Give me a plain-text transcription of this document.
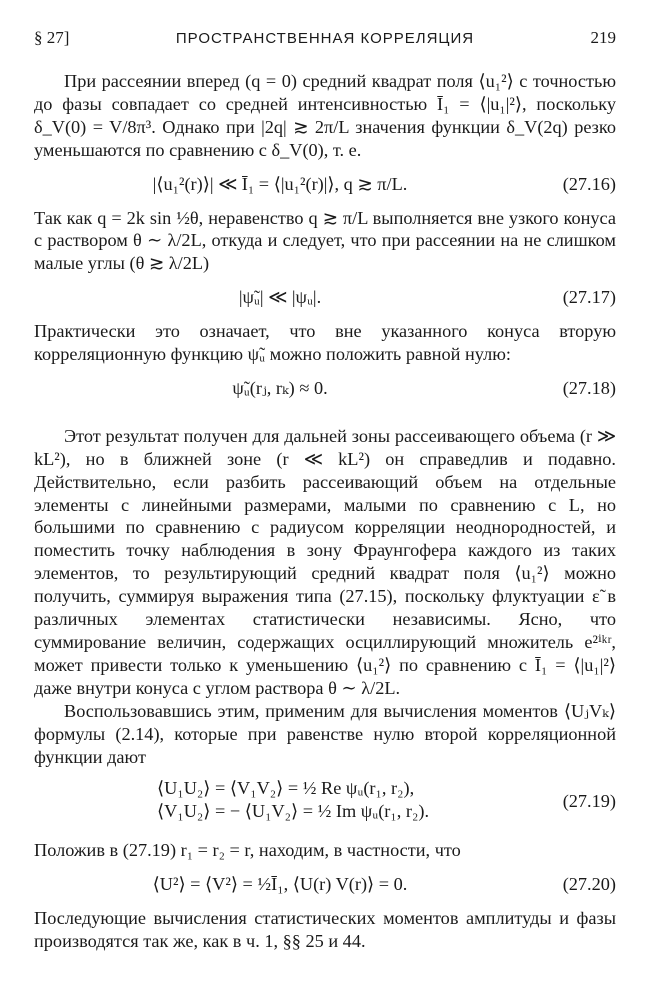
§ 27]	ПРОСТРАНСТВЕННАЯ КОРРЕЛЯЦИЯ	219

При рассеянии вперед (q = 0) средний квадрат поля ⟨u₁²⟩ с точностью до фазы совпадает со средней интенсивностью Ī₁ = ⟨|u₁|²⟩, поскольку δ_V(0) = V/8π³. Однако при |2q| ≳ 2π/L значения функции δ_V(2q) резко уменьшаются по сравнению с δ_V(0), т. е.

|⟨u₁²(r)⟩| ≪ Ī₁ = ⟨|u₁²(r)|⟩, q ≳ π/L.	(27.16)

Так как q = 2k sin ½θ, неравенство q ≳ π/L выполняется вне узкого конуса с раствором θ ∼ λ/2L, откуда и следует, что при рассеянии на не слишком малые углы (θ ≳ λ/2L)

|ψ̃ᵤ| ≪ |ψᵤ|.	(27.17)

Практически это означает, что вне указанного конуса вторую корреляционную функцию ψ̃ᵤ можно положить равной нулю:

ψ̃ᵤ(rⱼ, rₖ) ≈ 0.	(27.18)

Этот результат получен для дальней зоны рассеивающего объема (r ≫ kL²), но в ближней зоне (r ≪ kL²) он справедлив и подавно. Действительно, если разбить рассеивающий объем на отдельные элементы с линейными размерами, малыми по сравнению с L, но большими по сравнению с радиусом корреляции неоднородностей, и поместить точку наблюдения в зону Фраунгофера каждого из таких элементов, то результирующий средний квадрат поля ⟨u₁²⟩ можно получить, суммируя выражения типа (27.15), поскольку флуктуации ε̃ в различных элементах статистически независимы. Ясно, что суммирование величин, содержащих осциллирующий множитель e²ⁱᵏʳ, может привести только к уменьшению ⟨u₁²⟩ по сравнению с Ī₁ = ⟨|u₁|²⟩ даже внутри конуса с углом раствора θ ∼ λ/2L.

Воспользовавшись этим, применим для вычисления моментов ⟨UⱼVₖ⟩ формулы (2.14), которые при равенстве нулю второй корреляционной функции дают

⟨U₁U₂⟩ = ⟨V₁V₂⟩ = ½ Re ψᵤ(r₁, r₂),
⟨V₁U₂⟩ = − ⟨U₁V₂⟩ = ½ Im ψᵤ(r₁, r₂).	(27.19)

Положив в (27.19) r₁ = r₂ = r, находим, в частности, что

⟨U²⟩ = ⟨V²⟩ = ½Ī₁, ⟨U(r) V(r)⟩ = 0.	(27.20)

Последующие вычисления статистических моментов амплитуды и фазы производятся так же, как в ч. 1, §§ 25 и 44.
